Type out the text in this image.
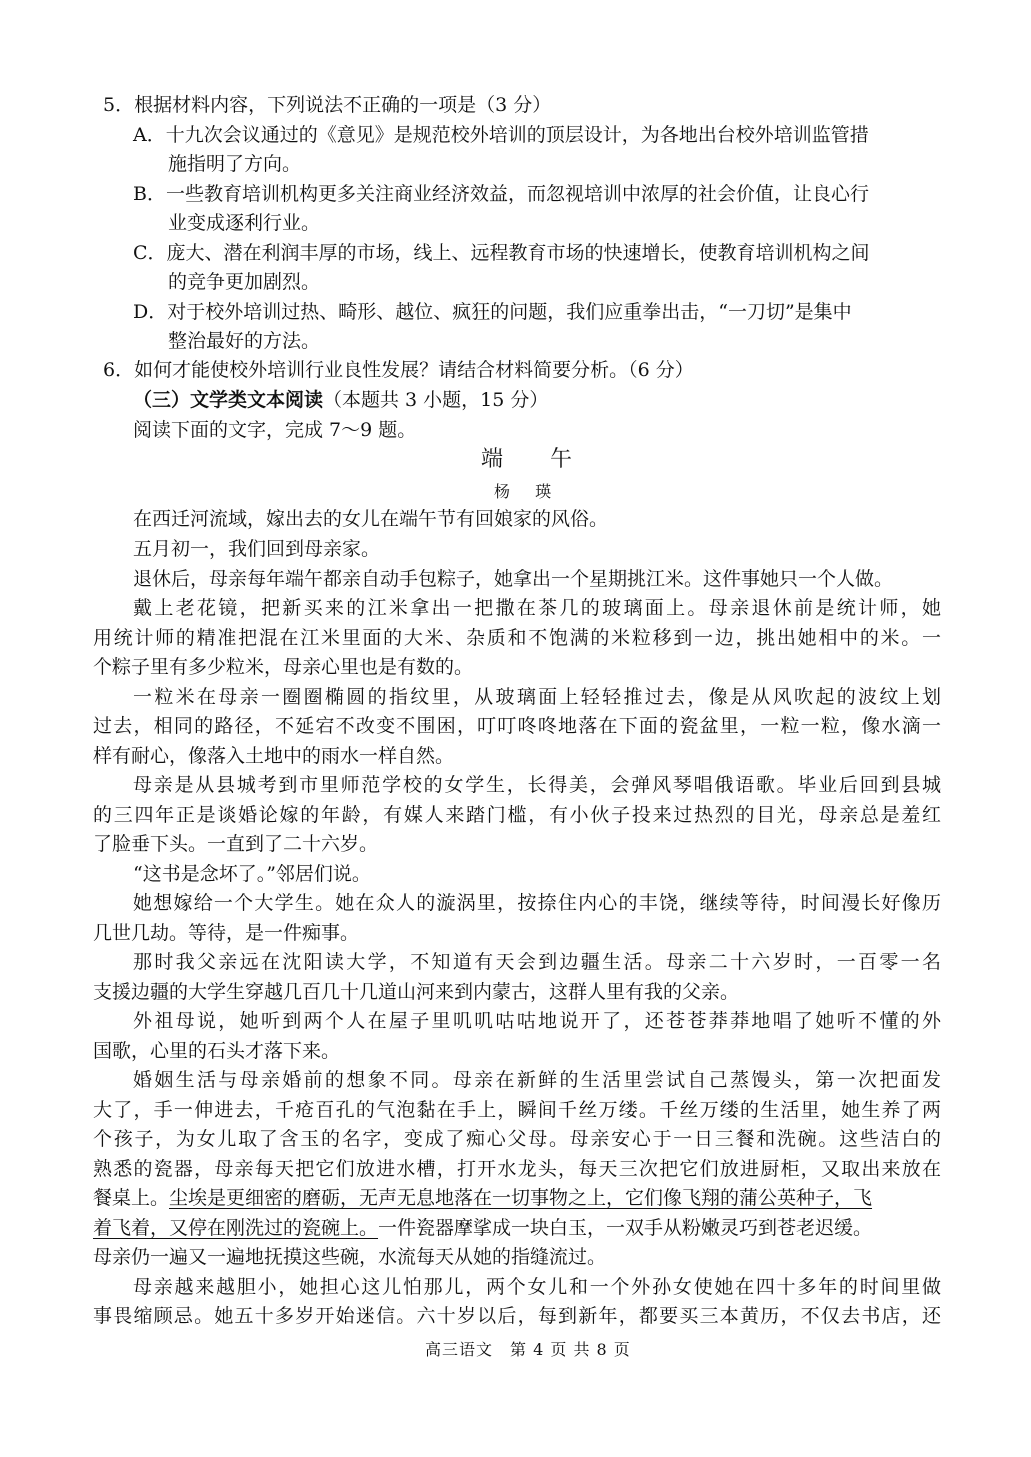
5．根据材料内容，下列说法不正确的一项是（3 分）
A．十九次会议通过的《意见》是规范校外培训的顶层设计，为各地出台校外培训监管措
施指明了方向。
B．一些教育培训机构更多关注商业经济效益，而忽视培训中浓厚的社会价值，让良心行
业变成逐利行业。
C．庞大、潜在利润丰厚的市场，线上、远程教育市场的快速增长，使教育培训机构之间
的竞争更加剧烈。
D．对于校外培训过热、畸形、越位、疯狂的问题，我们应重拳出击，“一刀切”是集中
整治最好的方法。
6．如何才能使校外培训行业良性发展？请结合材料简要分析。（6 分）
（三）文学类文本阅读（本题共 3 小题，15 分）
阅读下面的文字，完成 7～9 题。
端 午
杨 瑛
在西迁河流域，嫁出去的女儿在端午节有回娘家的风俗。
五月初一，我们回到母亲家。
退休后，母亲每年端午都亲自动手包粽子，她拿出一个星期挑江米。这件事她只一个人做。
戴上老花镜，把新买来的江米拿出一把撒在茶几的玻璃面上。母亲退休前是统计师，她
用统计师的精准把混在江米里面的大米、杂质和不饱满的米粒移到一边，挑出她相中的米。一
个粽子里有多少粒米，母亲心里也是有数的。
一粒米在母亲一圈圈椭圆的指纹里，从玻璃面上轻轻推过去，像是从风吹起的波纹上划
过去，相同的路径，不延宕不改变不围困，叮叮咚咚地落在下面的瓷盆里，一粒一粒，像水滴一
样有耐心，像落入土地中的雨水一样自然。
母亲是从县城考到市里师范学校的女学生，长得美，会弹风琴唱俄语歌。毕业后回到县城
的三四年正是谈婚论嫁的年龄，有媒人来踏门槛，有小伙子投来过热烈的目光，母亲总是羞红
了脸垂下头。一直到了二十六岁。
“这书是念坏了。”邻居们说。
她想嫁给一个大学生。她在众人的漩涡里，按捺住内心的丰饶，继续等待，时间漫长好像历
几世几劫。等待，是一件痴事。
那时我父亲远在沈阳读大学，不知道有天会到边疆生活。母亲二十六岁时，一百零一名
支援边疆的大学生穿越几百几十几道山河来到内蒙古，这群人里有我的父亲。
外祖母说，她听到两个人在屋子里叽叽咕咕地说开了，还苍苍莽莽地唱了她听不懂的外
国歌，心里的石头才落下来。
婚姻生活与母亲婚前的想象不同。母亲在新鲜的生活里尝试自己蒸馒头，第一次把面发
大了，手一伸进去，千疮百孔的气泡黏在手上，瞬间千丝万缕。千丝万缕的生活里，她生养了两
个孩子，为女儿取了含玉的名字，变成了痴心父母。母亲安心于一日三餐和洗碗。这些洁白的
熟悉的瓷器，母亲每天把它们放进水槽，打开水龙头，每天三次把它们放进厨柜，又取出来放在
餐桌上。尘埃是更细密的磨砺，无声无息地落在一切事物之上，它们像飞翔的蒲公英种子，飞
着飞着，又停在刚洗过的瓷碗上。一件瓷器摩挲成一块白玉，一双手从粉嫩灵巧到苍老迟缓。
母亲仍一遍又一遍地抚摸这些碗，水流每天从她的指缝流过。
母亲越来越胆小，她担心这儿怕那儿，两个女儿和一个外孙女使她在四十多年的时间里做
事畏缩顾忌。她五十多岁开始迷信。六十岁以后，每到新年，都要买三本黄历，不仅去书店，还
高三语文　第 4 页 共 8 页
